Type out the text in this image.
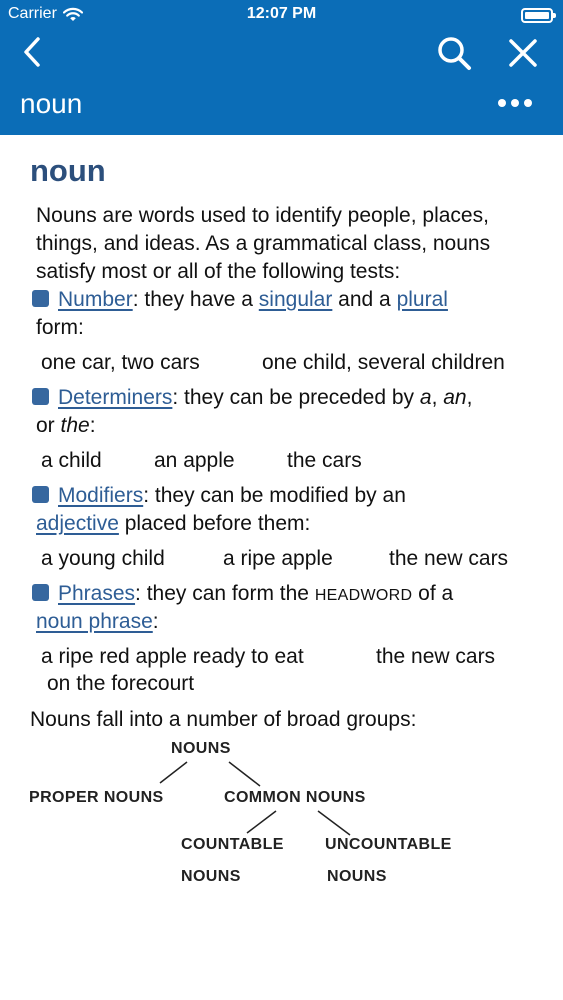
Carrier	12:07 PM
noun
noun
Nouns are words used to identify people, places,
things, and ideas. As a grammatical class, nouns
satisfy most or all of the following tests:
Number: they have a singular and a plural
form:
one car, two cars	one child, several children
Determiners: they can be preceded by a, an,
or the:
a child an apple the cars
Modifiers: they can be modified by an
adjective placed before them:
a young child	a ripe apple	the new cars
Phrases: they can form the HEADWORD of a
noun phrase:
a ripe red apple ready to eat	the new cars
on the forecourt
Nouns fall into a number of broad groups:
NOUNS
PROPER NOUNS	COMMON NOUNS
COUNTABLE
NOUNS
UNCOUNTABLE
NOUNS
